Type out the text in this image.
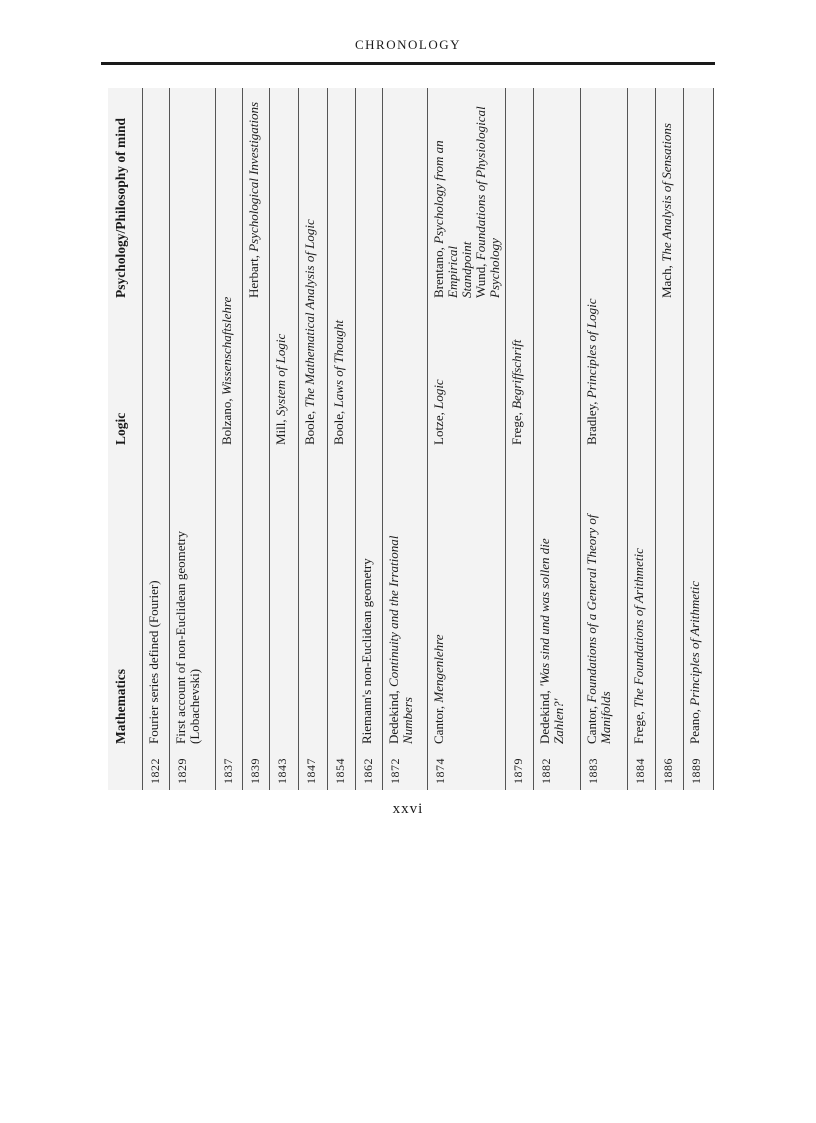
CHRONOLOGY
Mathematics
Logic
Psychology/Philosophy of mind
1822
Fourier series defined (Fourier)
1829
First account of non-Euclidean geometry
(Lobachevski)
1837
Bolzano, Wissenschaftslehre
1839
Herbart, Psychological Investigations
1843
Mill, System of Logic
1847
Boole, The Mathematical Analysis of Logic
1854
Boole, Laws of Thought
1862
Riemann's non-Euclidean geometry
1872
Dedekind, Continuity and the Irrational
Numbers
1874
Cantor, Mengenlehre
Lotze, Logic
Brentano, Psychology from an Empirical
Standpoint
Wund, Foundations of Physiological
Psychology
1879
Frege, Begriffschrift
1882
Dedekind, 'Was sind und was sollen die
Zahlen?'
1883
Cantor, Foundations of a General Theory of
Manifolds
Bradley, Principles of Logic
1884
Frege, The Foundations of Arithmetic
1886
Mach, The Analysis of Sensations
1889
Peano, Principles of Arithmetic
xxvi
